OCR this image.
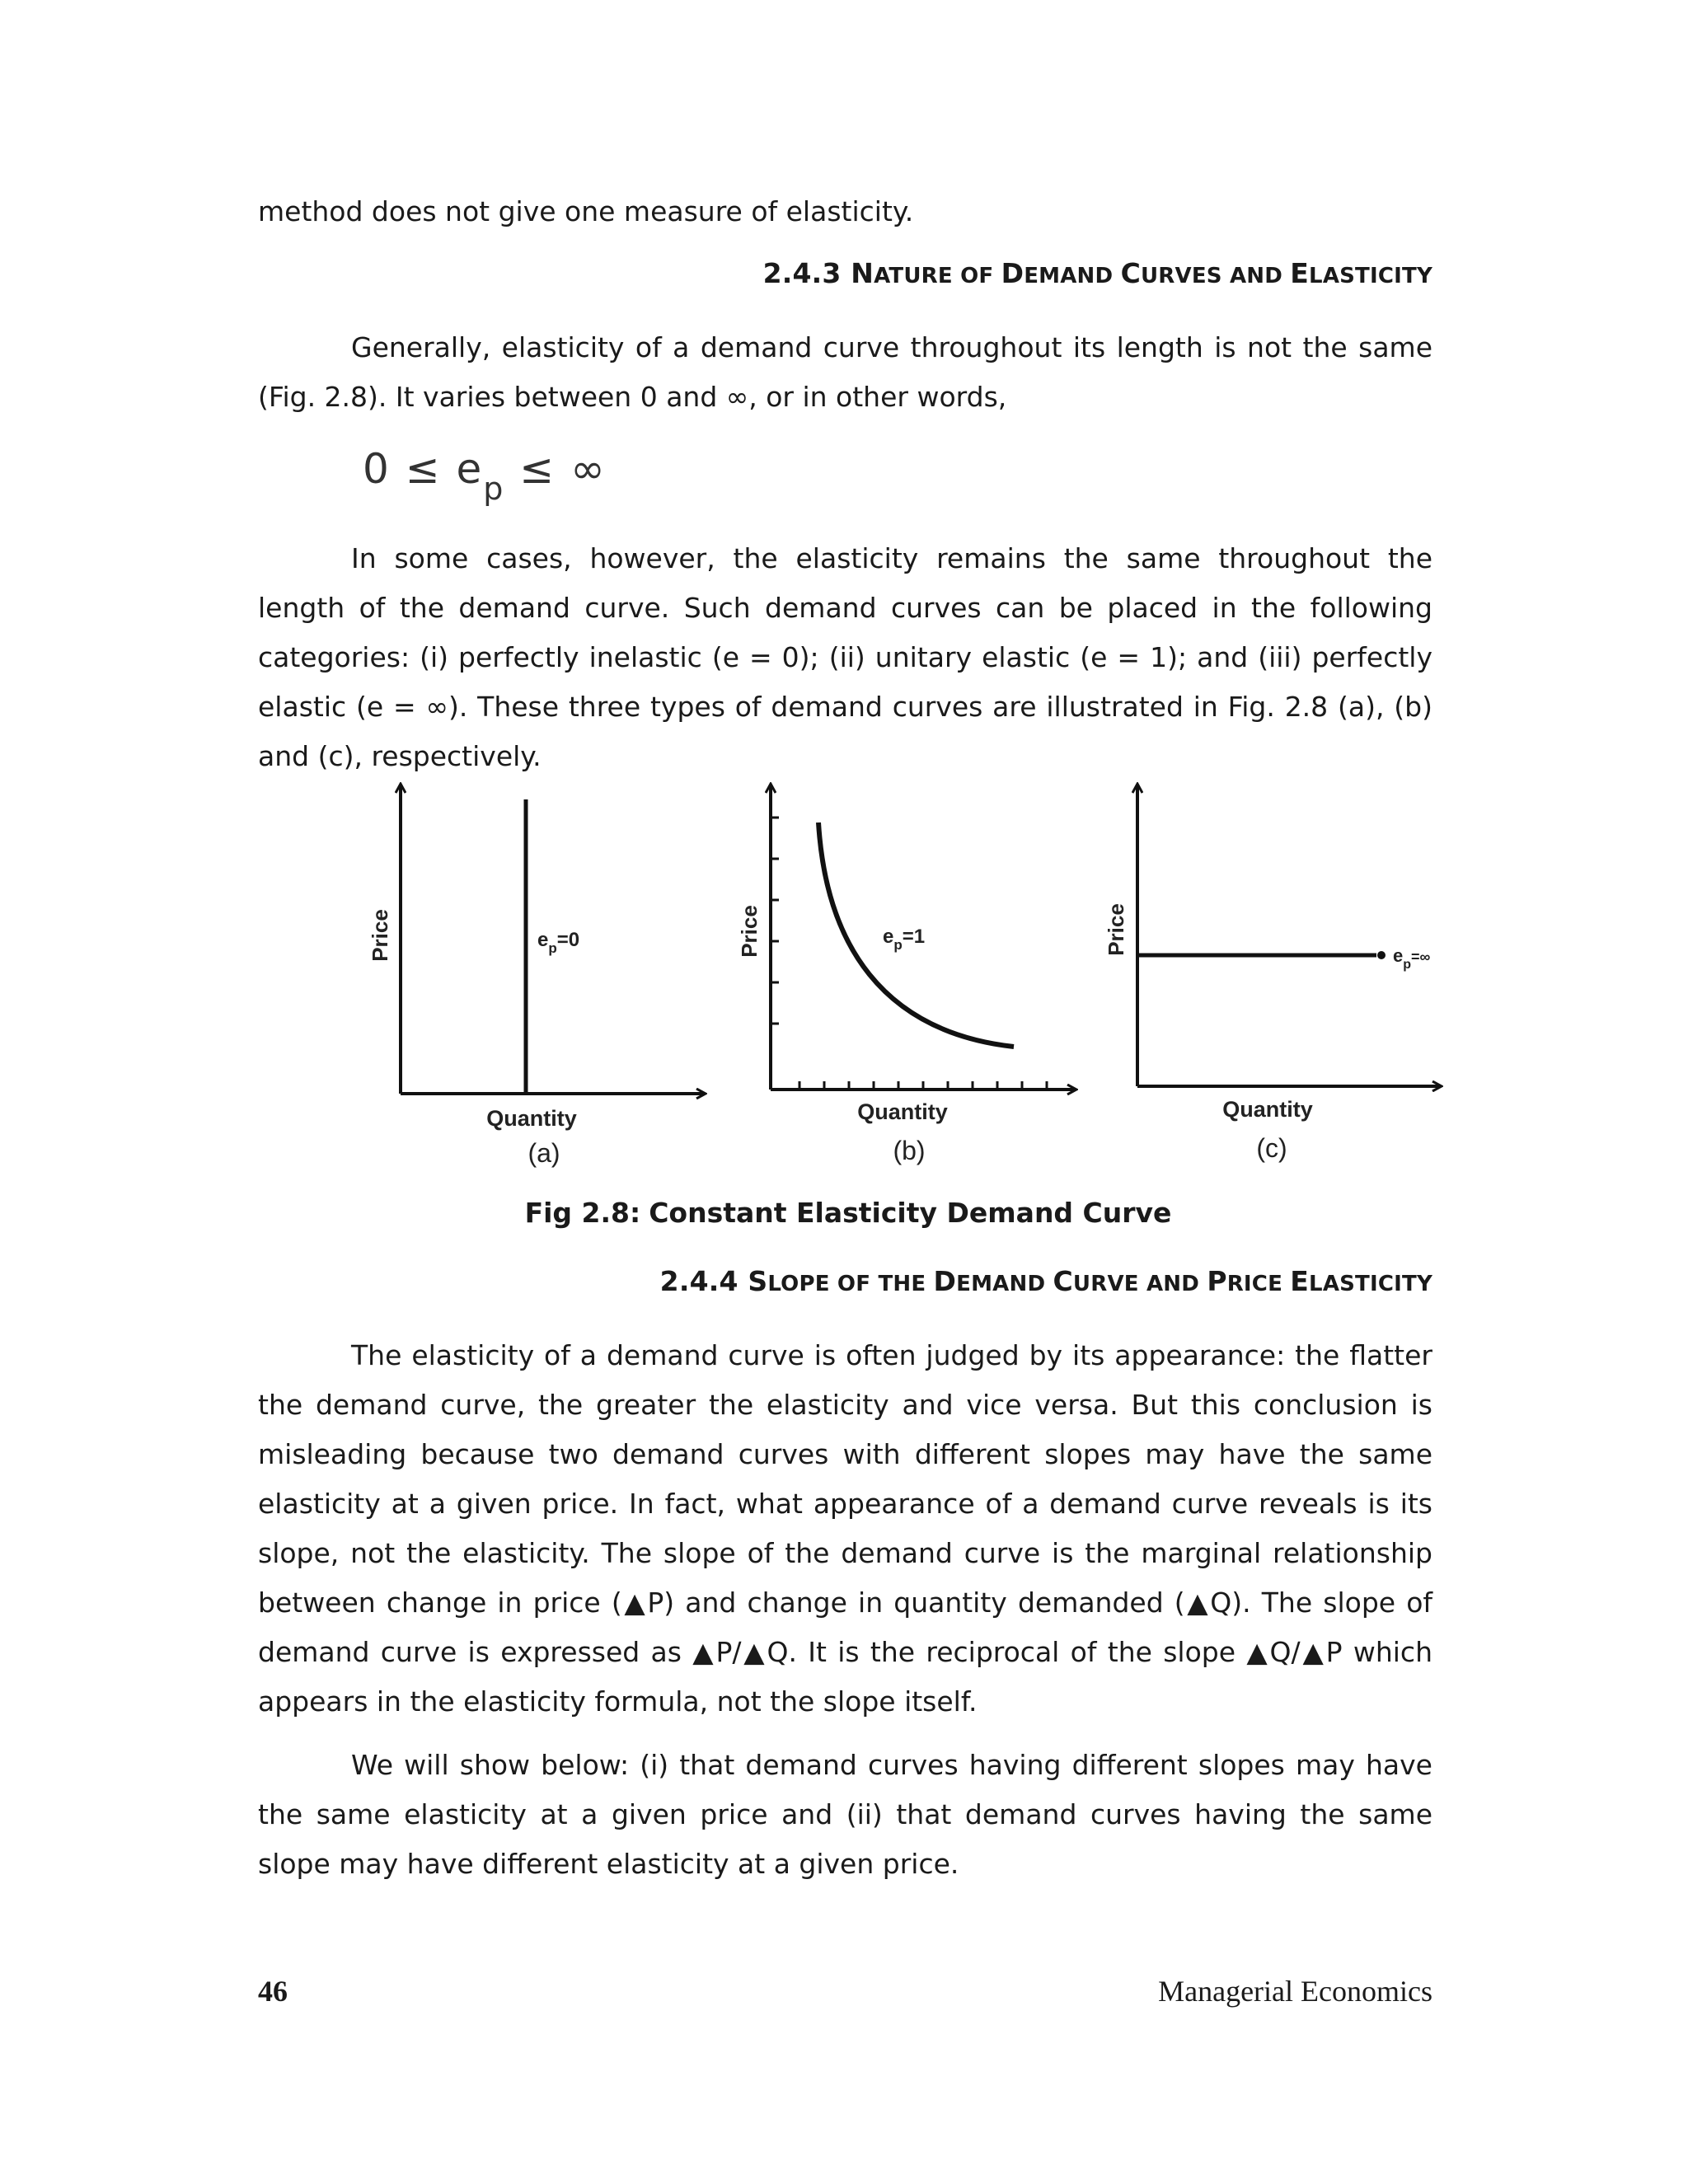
method does not give one measure of elasticity.

2.4.3 NATURE OF DEMAND CURVES AND ELASTICITY

Generally, elasticity of a demand curve throughout its length is not the same (Fig. 2.8). It varies between 0 and ∞, or in other words,

$0 \le e_p$ ≤ ∞

In some cases, however, the elasticity remains the same throughout the length of the demand curve. Such demand curves can be placed in the following categories: (i) perfectly inelastic (e = 0); (ii) unitary elastic (e = 1); and (iii) perfectly elastic (e = ∞). These three types of demand curves are illustrated in Fig. 2.8 (a), (b) and (c), respectively.

Price	$e_p=0$
Quantity
(a)
Price	$e_p=1$
Quantity
(b)
Price	$e_p^{=\infty}$
Quantity
(c)
Fig 2.8: Constant Elasticity Demand Curve

2.4.4 SLOPE OF THE DEMAND CURVE AND PRICE ELASTICITY

The elasticity of a demand curve is often judged by its appearance: the flatter the demand curve, the greater the elasticity and vice versa. But this conclusion is misleading because two demand curves with different slopes may have the same elasticity at a given price. In fact, what appearance of a demand curve reveals is its slope, not the elasticity. The slope of the demand curve is the marginal relationship between change in price (▲P) and change in quantity demanded (▲Q). The slope of demand curve is expressed as ▲P/▲Q. It is the reciprocal of the slope ▲Q/▲P which appears in the elasticity formula, not the slope itself.

We will show below: (i) that demand curves having different slopes may have the same elasticity at a given price and (ii) that demand curves having the same slope may have different elasticity at a given price.

46	Managerial Economics
